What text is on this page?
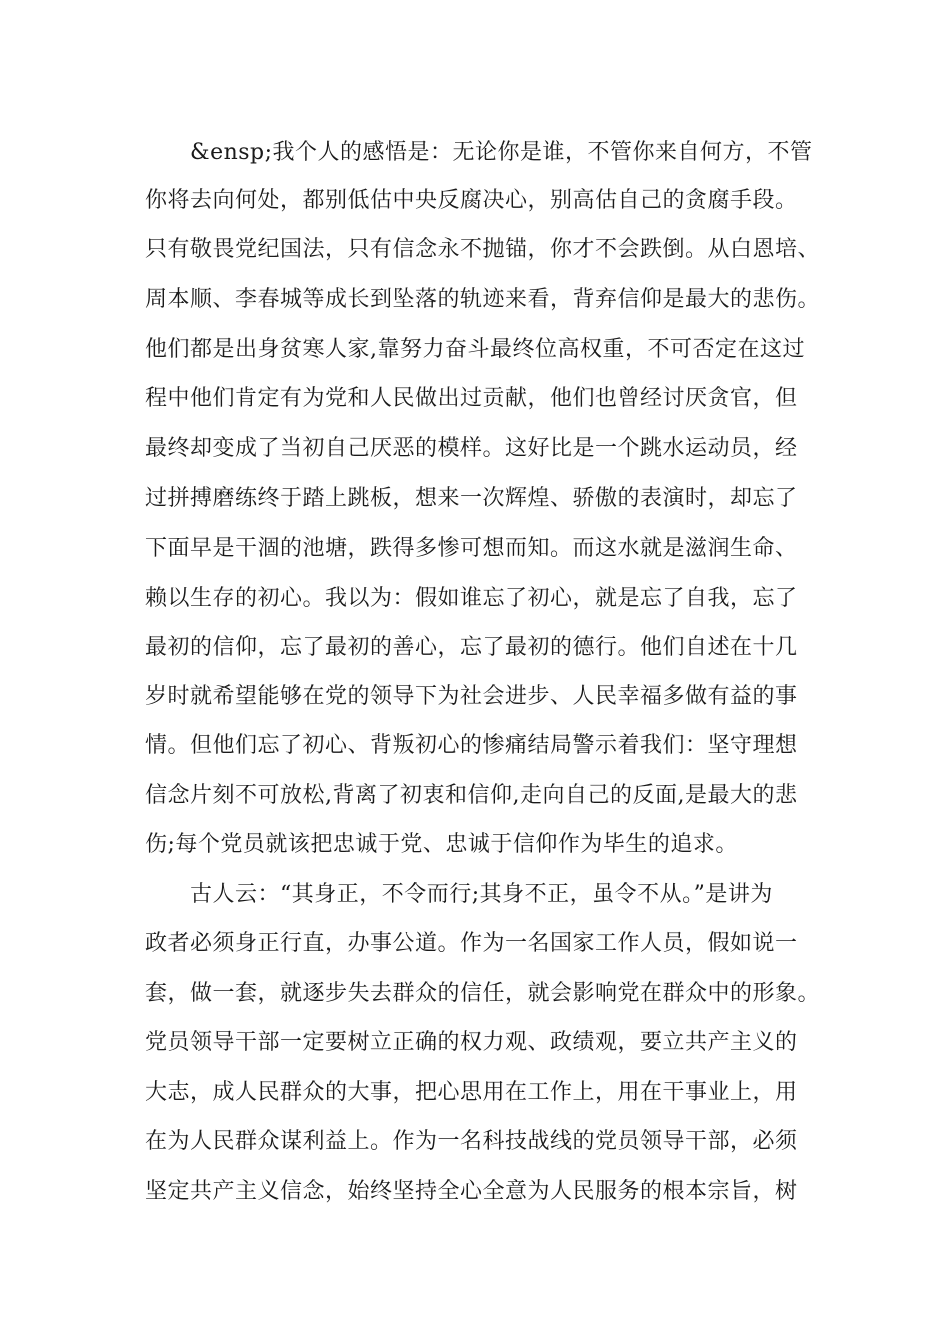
&ensp;我个人的感悟是：无论你是谁，不管你来自何方，不管
你将去向何处，都别低估中央反腐决心，别高估自己的贪腐手段。
只有敬畏党纪国法，只有信念永不抛锚，你才不会跌倒。从白恩培、
周本顺、李春城等成长到坠落的轨迹来看，背弃信仰是最大的悲伤。
他们都是出身贫寒人家,靠努力奋斗最终位高权重，不可否定在这过
程中他们肯定有为党和人民做出过贡献，他们也曾经讨厌贪官，但
最终却变成了当初自己厌恶的模样。这好比是一个跳水运动员，经
过拼搏磨练终于踏上跳板，想来一次辉煌、骄傲的表演时，却忘了
下面早是干涸的池塘，跌得多惨可想而知。而这水就是滋润生命、
赖以生存的初心。我以为：假如谁忘了初心，就是忘了自我，忘了
最初的信仰，忘了最初的善心，忘了最初的德行。他们自述在十几
岁时就希望能够在党的领导下为社会进步、人民幸福多做有益的事
情。但他们忘了初心、背叛初心的惨痛结局警示着我们：坚守理想
信念片刻不可放松,背离了初衷和信仰,走向自己的反面,是最大的悲
伤;每个党员就该把忠诚于党、忠诚于信仰作为毕生的追求。
古人云：“其身正，不令而行;其身不正，虽令不从。”是讲为
政者必须身正行直，办事公道。作为一名国家工作人员，假如说一
套，做一套，就逐步失去群众的信任，就会影响党在群众中的形象。
党员领导干部一定要树立正确的权力观、政绩观，要立共产主义的
大志，成人民群众的大事，把心思用在工作上，用在干事业上，用
在为人民群众谋利益上。作为一名科技战线的党员领导干部，必须
坚定共产主义信念，始终坚持全心全意为人民服务的根本宗旨，树
